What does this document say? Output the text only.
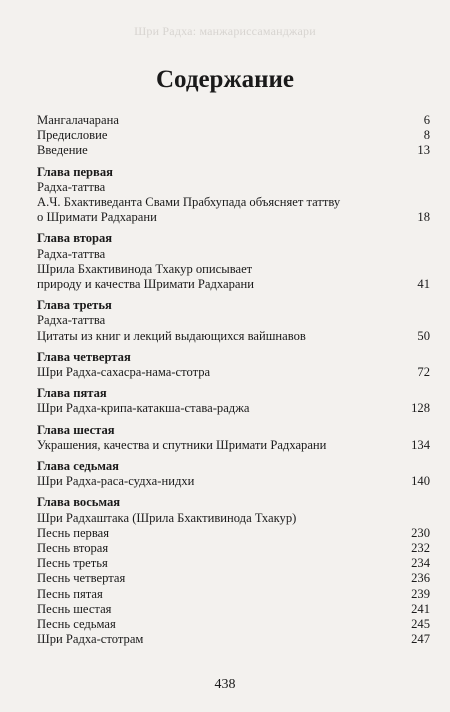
Шри Радха: манжариссаманджари
Содержание
Мангалачарана	6
Предисловие	8
Введение	13
Глава первая
Радха-таттва
А.Ч. Бхактиведанта Свами Прабхупада объясняет таттву
о Шримати Радхарани	18
Глава вторая
Радха-таттва
Шрила Бхактивинода Тхакур описывает
природу и качества Шримати Радхарани	41
Глава третья
Радха-таттва
Цитаты из книг и лекций выдающихся вайшнавов	50
Глава четвертая
Шри Радха-сахасра-нама-стотра	72
Глава пятая
Шри Радха-крипа-катакша-става-раджа	128
Глава шестая
Украшения, качества и спутники Шримати Радхарани	134
Глава седьмая
Шри Радха-раса-судха-нидхи	140
Глава восьмая
Шри Радхаштака (Шрила Бхактивинода Тхакур)
Песнь первая	230
Песнь вторая	232
Песнь третья	234
Песнь четвертая	236
Песнь пятая	239
Песнь шестая	241
Песнь седьмая	245
Шри Радха-стотрам	247
438
